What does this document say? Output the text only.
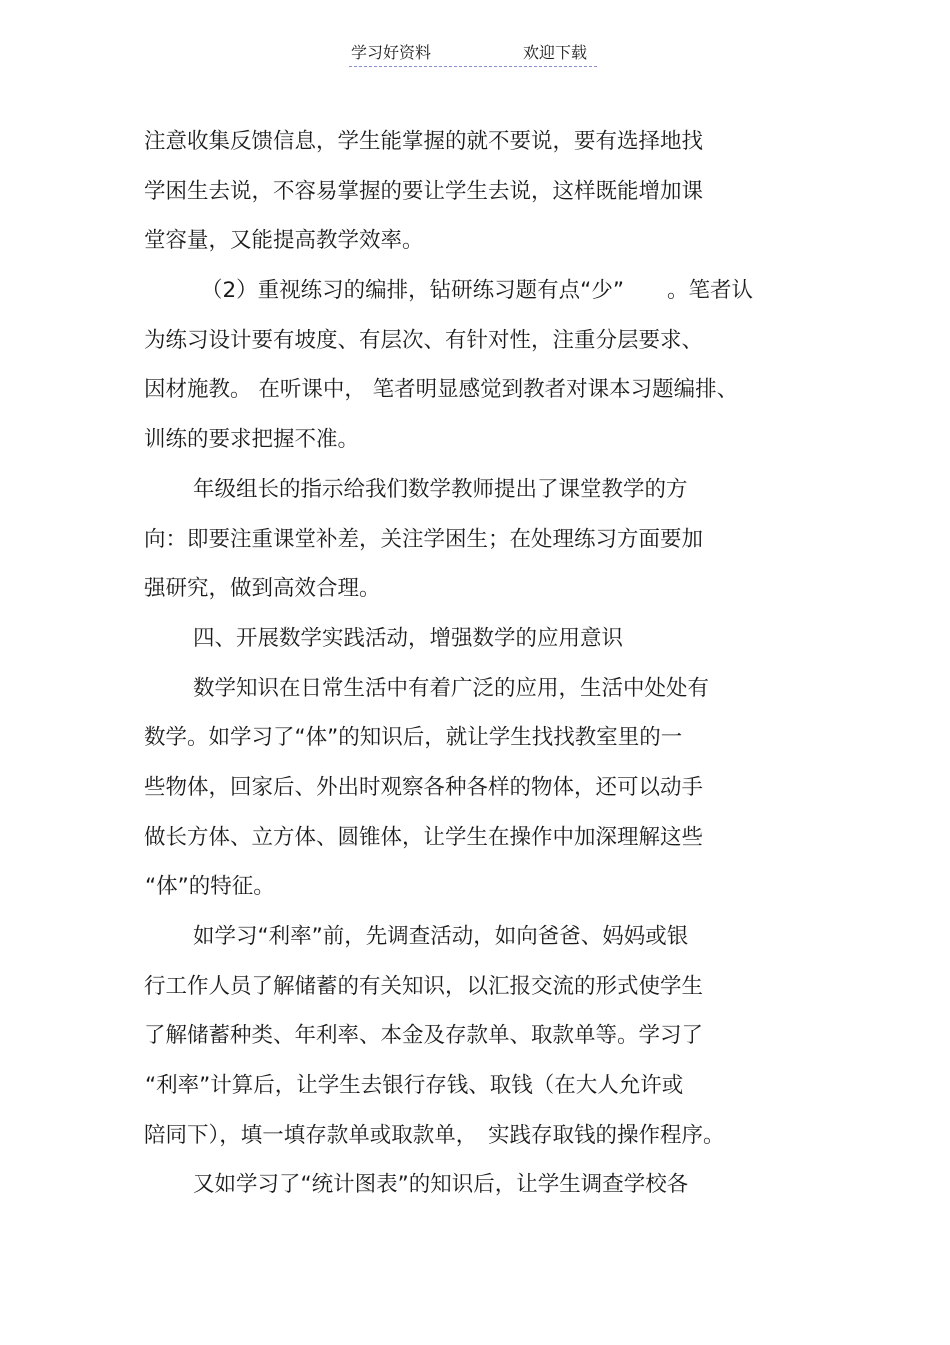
学习好资料	欢迎下载
注意收集反馈信息，学生能掌握的就不要说，要有选择地找
学困生去说，不容易掌握的要让学生去说，这样既能增加课
堂容量，又能提高教学效率。
（2）重视练习的编排，钻研练习题有点“少”　　。笔者认
为练习设计要有坡度、有层次、有针对性，注重分层要求、
因材施教。 在听课中， 笔者明显感觉到教者对课本习题编排、
训练的要求把握不准。
年级组长的指示给我们数学教师提出了课堂教学的方
向：即要注重课堂补差，关注学困生；在处理练习方面要加
强研究，做到高效合理。
四、开展数学实践活动，增强数学的应用意识
数学知识在日常生活中有着广泛的应用，生活中处处有
数学。如学习了“体”的知识后，就让学生找找教室里的一
些物体，回家后、外出时观察各种各样的物体，还可以动手
做长方体、立方体、圆锥体，让学生在操作中加深理解这些
“体”的特征。
如学习“利率”前，先调查活动，如向爸爸、妈妈或银
行工作人员了解储蓄的有关知识，以汇报交流的形式使学生
了解储蓄种类、年利率、本金及存款单、取款单等。学习了
“利率”计算后，让学生去银行存钱、取钱（在大人允许或
陪同下），填一填存款单或取款单，　实践存取钱的操作程序。
又如学习了“统计图表”的知识后，让学生调查学校各
